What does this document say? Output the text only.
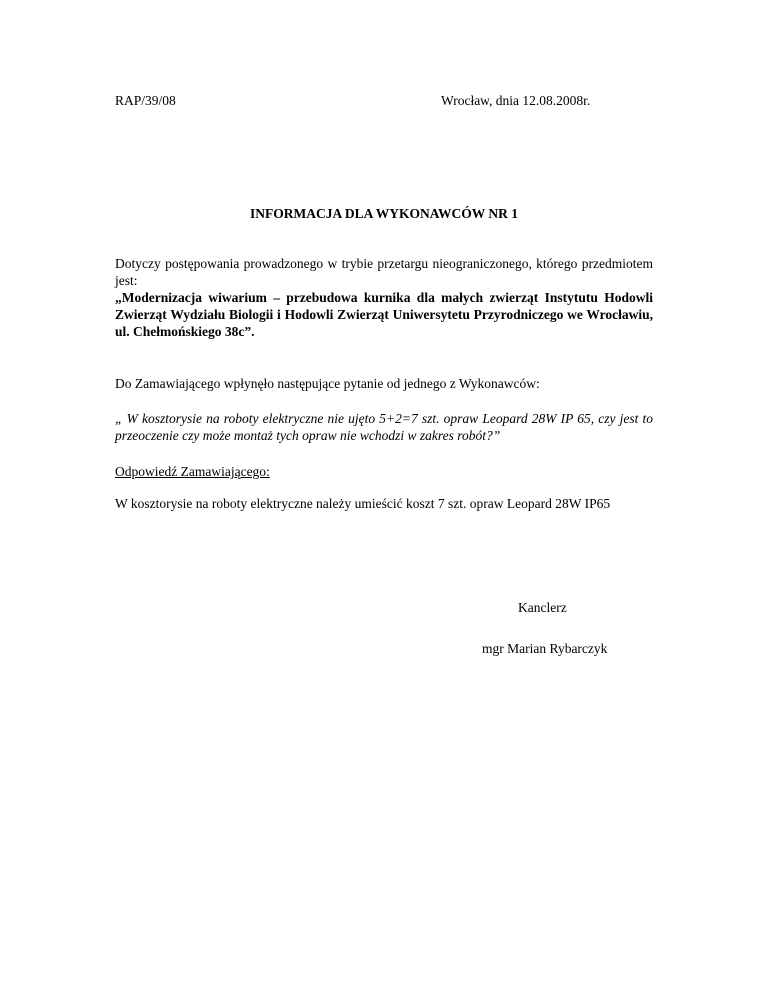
RAP/39/08	Wrocław, dnia 12.08.2008r.
INFORMACJA DLA WYKONAWCÓW NR 1
Dotyczy postępowania prowadzonego w trybie przetargu nieograniczonego, którego przedmiotem jest:
„Modernizacja wiwarium – przebudowa kurnika dla małych zwierząt Instytutu Hodowli Zwierząt Wydziału Biologii i Hodowli Zwierząt Uniwersytetu Przyrodniczego we Wrocławiu, ul. Chełmońskiego 38c”.
Do Zamawiającego wpłynęło następujące pytanie od jednego z Wykonawców:
„ W kosztorysie na roboty elektryczne nie ujęto 5+2=7 szt. opraw Leopard 28W IP 65, czy jest to przeoczenie czy może montaż tych opraw nie wchodzi w zakres robót?”
Odpowiedź Zamawiającego:
W kosztorysie na roboty elektryczne należy umieścić koszt 7 szt. opraw Leopard 28W IP65
Kanclerz
mgr Marian Rybarczyk
